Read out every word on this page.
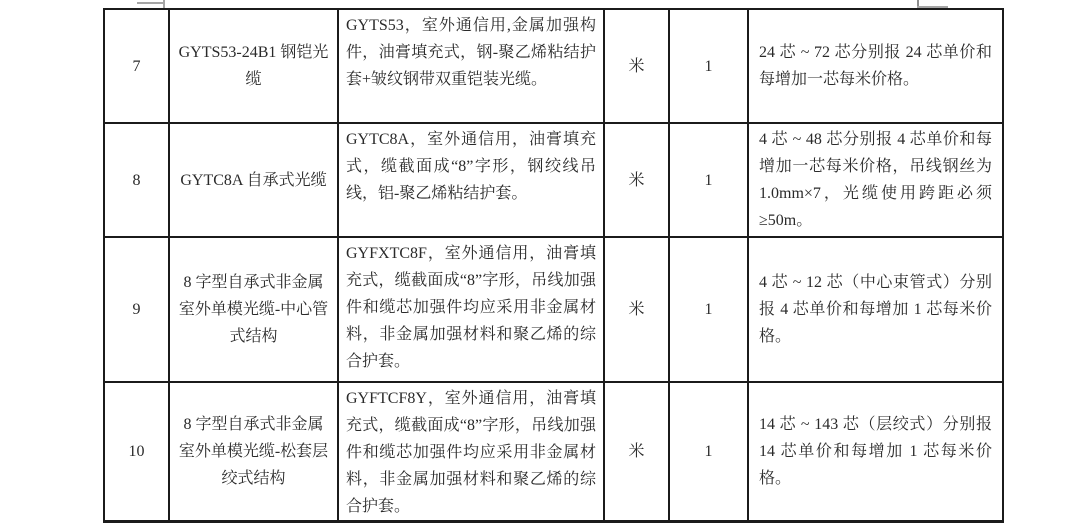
7	GYTS53-24B1 钢铠光缆	GYTS53，室外通信用,金属加强构件，油膏填充式，钢-聚乙烯粘结护套+皱纹钢带双重铠装光缆。	米	1	24 芯 ~ 72 芯分别报 24 芯单价和每增加一芯每米价格。
8	GYTC8A 自承式光缆	GYTC8A，室外通信用，油膏填充式，缆截面成“8”字形，钢绞线吊线，铝-聚乙烯粘结护套。	米	1	4 芯 ~ 48 芯分别报 4 芯单价和每增加一芯每米价格，吊线钢丝为 1.0mm×7，光缆使用跨距必须≥50m。
9	8 字型自承式非金属室外单模光缆-中心管式结构	GYFXTC8F，室外通信用，油膏填充式，缆截面成“8”字形，吊线加强件和缆芯加强件均应采用非金属材料，非金属加强材料和聚乙烯的综合护套。	米	1	4 芯 ~ 12 芯（中心束管式）分别报 4 芯单价和每增加 1 芯每米价格。
10	8 字型自承式非金属室外单模光缆-松套层绞式结构	GYFTCF8Y，室外通信用，油膏填充式，缆截面成“8”字形，吊线加强件和缆芯加强件均应采用非金属材料，非金属加强材料和聚乙烯的综合护套。	米	1	14 芯 ~ 143 芯（层绞式）分别报 14 芯单价和每增加 1 芯每米价格。
